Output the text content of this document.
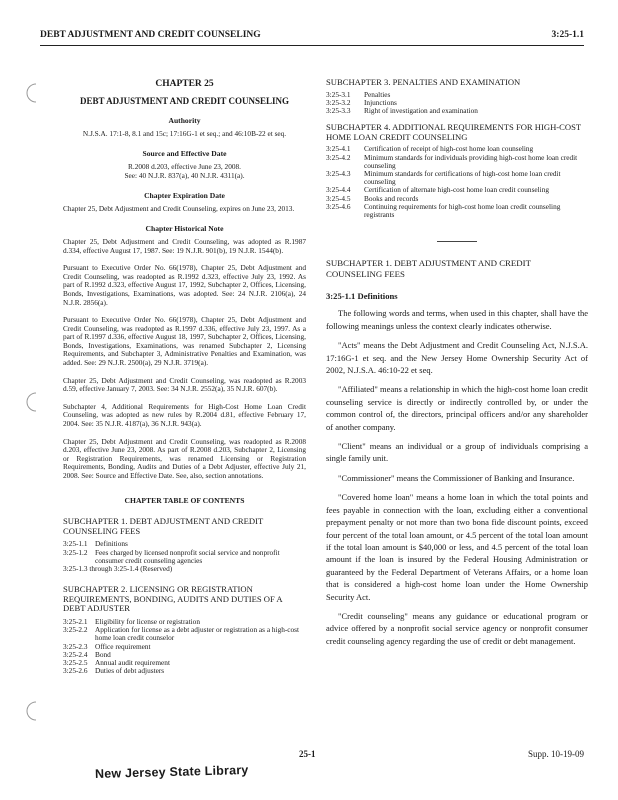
DEBT ADJUSTMENT AND CREDIT COUNSELING	3:25-1.1
CHAPTER 25
DEBT ADJUSTMENT AND CREDIT COUNSELING
Authority
N.J.S.A. 17:1-8, 8.1 and 15c; 17:16G-1 et seq.; and 46:10B-22 et seq.
Source and Effective Date
R.2008 d.203, effective June 23, 2008.
See: 40 N.J.R. 837(a), 40 N.J.R. 4311(a).
Chapter Expiration Date
Chapter 25, Debt Adjustment and Credit Counseling, expires on June 23, 2013.
Chapter Historical Note
Chapter 25, Debt Adjustment and Credit Counseling, was adopted as R.1987 d.334, effective August 17, 1987. See: 19 N.J.R. 901(b), 19 N.J.R. 1544(b).
Pursuant to Executive Order No. 66(1978), Chapter 25, Debt Adjustment and Credit Counseling, was readopted as R.1992 d.323, effective July 23, 1992. As part of R.1992 d.323, effective August 17, 1992, Subchapter 2, Offices, Licensing, Bonds, Investigations, Examinations, was adopted. See: 24 N.J.R. 2106(a), 24 N.J.R. 2856(a).
Pursuant to Executive Order No. 66(1978), Chapter 25, Debt Adjustment and Credit Counseling, was readopted as R.1997 d.336, effective July 23, 1997. As a part of R.1997 d.336, effective August 18, 1997, Subchapter 2, Offices, Licensing, Bonds, Investigations, Examinations, was renamed Subchapter 2, Licensing Requirements, and Subchapter 3, Administrative Penalties and Examination, was added. See: 29 N.J.R. 2500(a), 29 N.J.R. 3719(a).
Chapter 25, Debt Adjustment and Credit Counseling, was readopted as R.2003 d.59, effective January 7, 2003. See: 34 N.J.R. 2552(a), 35 N.J.R. 607(b).
Subchapter 4, Additional Requirements for High-Cost Home Loan Credit Counseling, was adopted as new rules by R.2004 d.81, effective February 17, 2004. See: 35 N.J.R. 4187(a), 36 N.J.R. 943(a).
Chapter 25, Debt Adjustment and Credit Counseling, was readopted as R.2008 d.203, effective June 23, 2008. As part of R.2008 d.203, Subchapter 2, Licensing or Registration Requirements, was renamed Licensing or Registration Requirements, Bonding, Audits and Duties of a Debt Adjuster, effective July 21, 2008. See: Source and Effective Date. See, also, section annotations.
CHAPTER TABLE OF CONTENTS
SUBCHAPTER 1. DEBT ADJUSTMENT AND CREDIT COUNSELING FEES
3:25-1.1	Definitions
3:25-1.2	Fees charged by licensed nonprofit social service and nonprofit consumer credit counseling agencies
3:25-1.3 through 3:25-1.4 (Reserved)
SUBCHAPTER 2. LICENSING OR REGISTRATION REQUIREMENTS, BONDING, AUDITS AND DUTIES OF A DEBT ADJUSTER
3:25-2.1	Eligibility for license or registration
3:25-2.2	Application for license as a debt adjuster or registration as a high-cost home loan credit counselor
3:25-2.3	Office requirement
3:25-2.4	Bond
3:25-2.5	Annual audit requirement
3:25-2.6	Duties of debt adjusters
SUBCHAPTER 3. PENALTIES AND EXAMINATION
3:25-3.1	Penalties
3:25-3.2	Injunctions
3:25-3.3	Right of investigation and examination
SUBCHAPTER 4. ADDITIONAL REQUIREMENTS FOR HIGH-COST HOME LOAN CREDIT COUNSELING
3:25-4.1	Certification of receipt of high-cost home loan counseling
3:25-4.2	Minimum standards for individuals providing high-cost home loan credit counseling
3:25-4.3	Minimum standards for certifications of high-cost home loan credit counseling
3:25-4.4	Certification of alternate high-cost home loan credit counseling
3:25-4.5	Books and records
3:25-4.6	Continuing requirements for high-cost home loan credit counseling registrants
SUBCHAPTER 1. DEBT ADJUSTMENT AND CREDIT COUNSELING FEES
3:25-1.1 Definitions
The following words and terms, when used in this chapter, shall have the following meanings unless the context clearly indicates otherwise.
"Acts" means the Debt Adjustment and Credit Counseling Act, N.J.S.A. 17:16G-1 et seq. and the New Jersey Home Ownership Security Act of 2002, N.J.S.A. 46:10-22 et seq.
"Affiliated" means a relationship in which the high-cost home loan credit counseling service is directly or indirectly controlled by, or under the common control of, the directors, principal officers and/or any shareholder of another company.
"Client" means an individual or a group of individuals comprising a single family unit.
"Commissioner" means the Commissioner of Banking and Insurance.
"Covered home loan" means a home loan in which the total points and fees payable in connection with the loan, excluding either a conventional prepayment penalty or not more than two bona fide discount points, exceed four percent of the total loan amount, or 4.5 percent of the total loan amount if the total loan amount is $40,000 or less, and 4.5 percent of the total loan amount if the loan is insured by the Federal Housing Administration or guaranteed by the Federal Department of Veterans Affairs, or a home loan that is considered a high-cost home loan under the Home Ownership Security Act.
"Credit counseling" means any guidance or educational program or advice offered by a nonprofit social service agency or nonprofit consumer credit counseling agency regarding the use of credit or debt management.
25-1	Supp. 10-19-09
New Jersey State Library
